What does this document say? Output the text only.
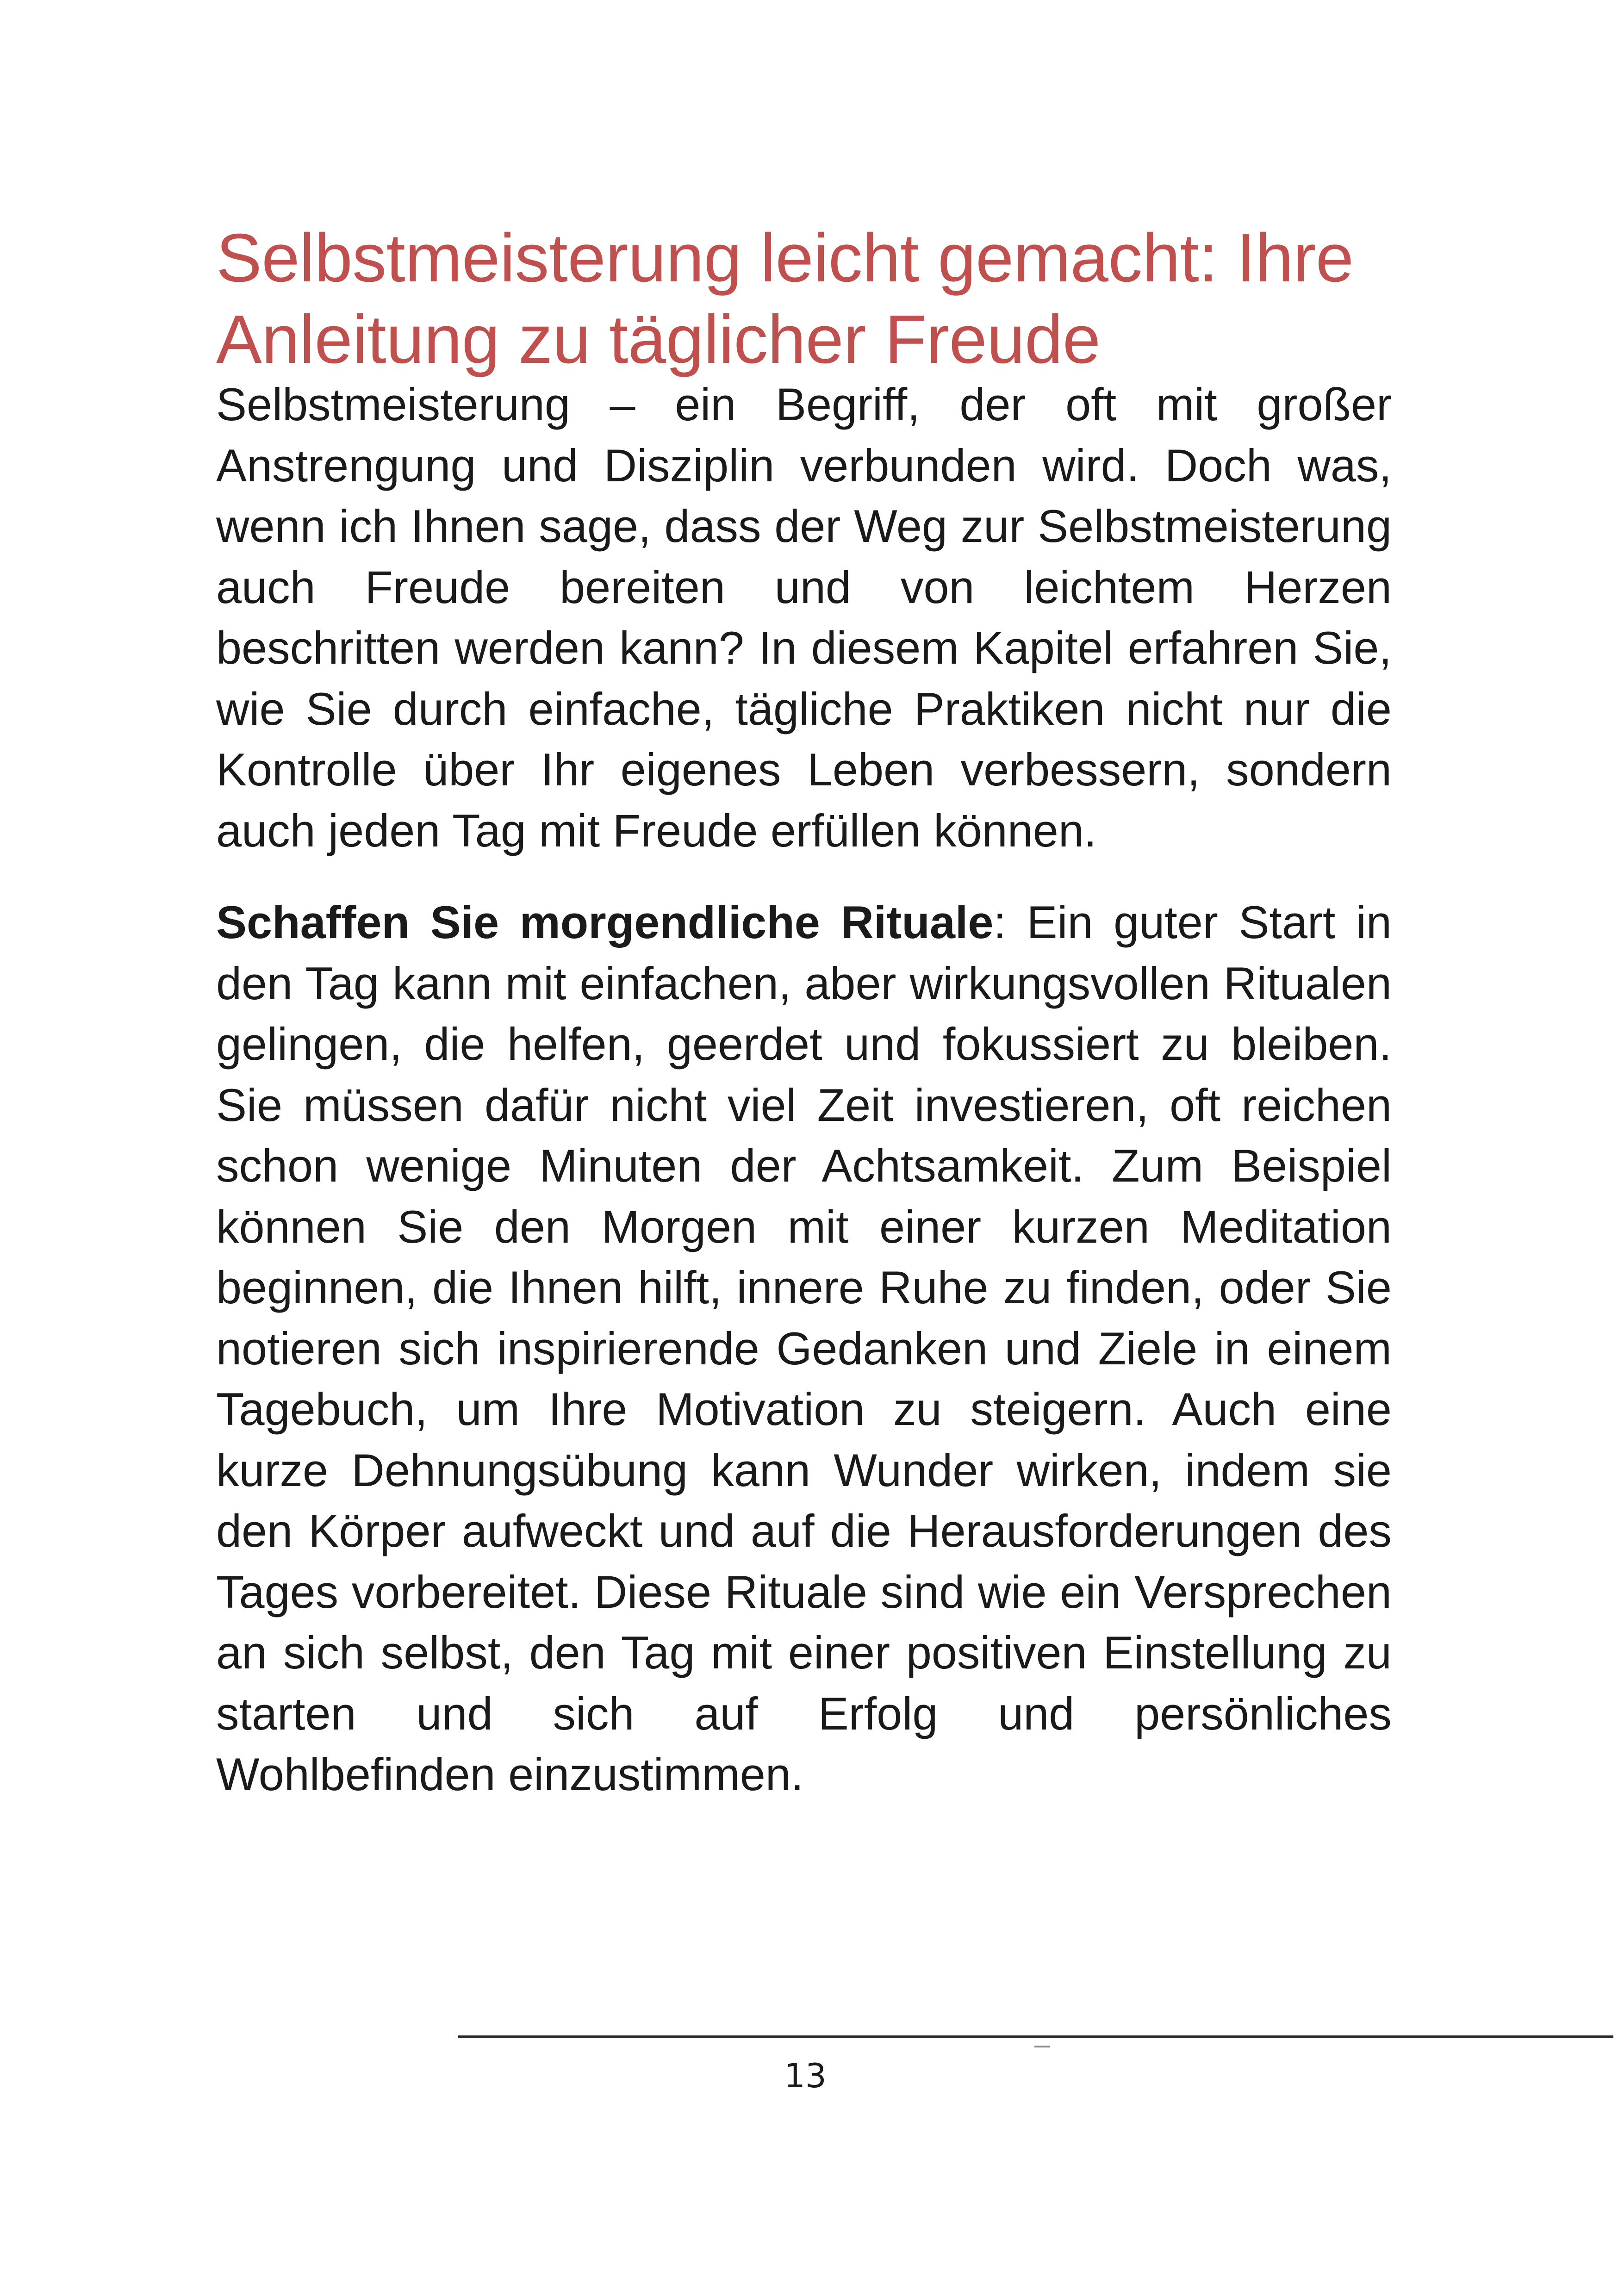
Selbstmeisterung leicht gemacht: Ihre Anleitung zu täglicher Freude

Selbstmeisterung – ein Begriff, der oft mit großer Anstrengung und Disziplin verbunden wird. Doch was, wenn ich Ihnen sage, dass der Weg zur Selbstmeisterung auch Freude bereiten und von leichtem Herzen beschritten werden kann? In diesem Kapitel erfahren Sie, wie Sie durch einfache, tägliche Praktiken nicht nur die Kontrolle über Ihr eigenes Leben verbessern, sondern auch jeden Tag mit Freude erfüllen können.

Schaffen Sie morgendliche Rituale: Ein guter Start in den Tag kann mit einfachen, aber wirkungsvollen Ritualen gelingen, die helfen, geerdet und fokussiert zu bleiben. Sie müssen dafür nicht viel Zeit investieren, oft reichen schon wenige Minuten der Achtsamkeit. Zum Beispiel können Sie den Morgen mit einer kurzen Meditation beginnen, die Ihnen hilft, innere Ruhe zu finden, oder Sie notieren sich inspirierende Gedanken und Ziele in einem Tagebuch, um Ihre Motivation zu steigern. Auch eine kurze Dehnungsübung kann Wunder wirken, indem sie den Körper aufweckt und auf die Herausforderungen des Tages vorbereitet. Diese Rituale sind wie ein Versprechen an sich selbst, den Tag mit einer positiven Einstellung zu starten und sich auf Erfolg und persönliches Wohlbefinden einzustimmen.

13
